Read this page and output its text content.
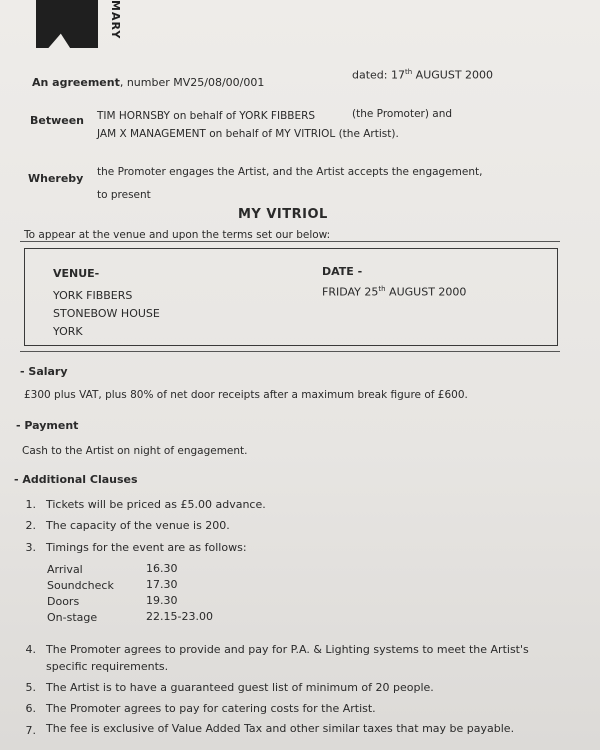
MARY
An agreement, number MV25/08/00/001
dated: 17th AUGUST 2000
Between TIM HORNSBY on behalf of YORK FIBBERS	(the Promoter) and
JAM X MANAGEMENT on behalf of MY VITRIOL (the Artist).
Whereby the Promoter engages the Artist, and the Artist accepts the engagement,
to present
MY VITRIOL
To appear at the venue and upon the terms set our below:
VENUE-
YORK FIBBERS
STONEBOW HOUSE
YORK
DATE -
FRIDAY 25th AUGUST 2000
- Salary
£300 plus VAT, plus 80% of net door receipts after a maximum break figure of £600.
- Payment
Cash to the Artist on night of engagement.
- Additional Clauses
1. Tickets will be priced as £5.00 advance.
2. The capacity of the venue is 200.
3. Timings for the event are as follows:
Arrival	16.30
Soundcheck	17.30
Doors	19.30
On-stage	22.15-23.00
4. The Promoter agrees to provide and pay for P.A. & Lighting systems to meet the Artist's specific requirements.
5. The Artist is to have a guaranteed guest list of minimum of 20 people.
6. The Promoter agrees to pay for catering costs for the Artist.
7. The fee is exclusive of Value Added Tax and other similar taxes that may be payable.
